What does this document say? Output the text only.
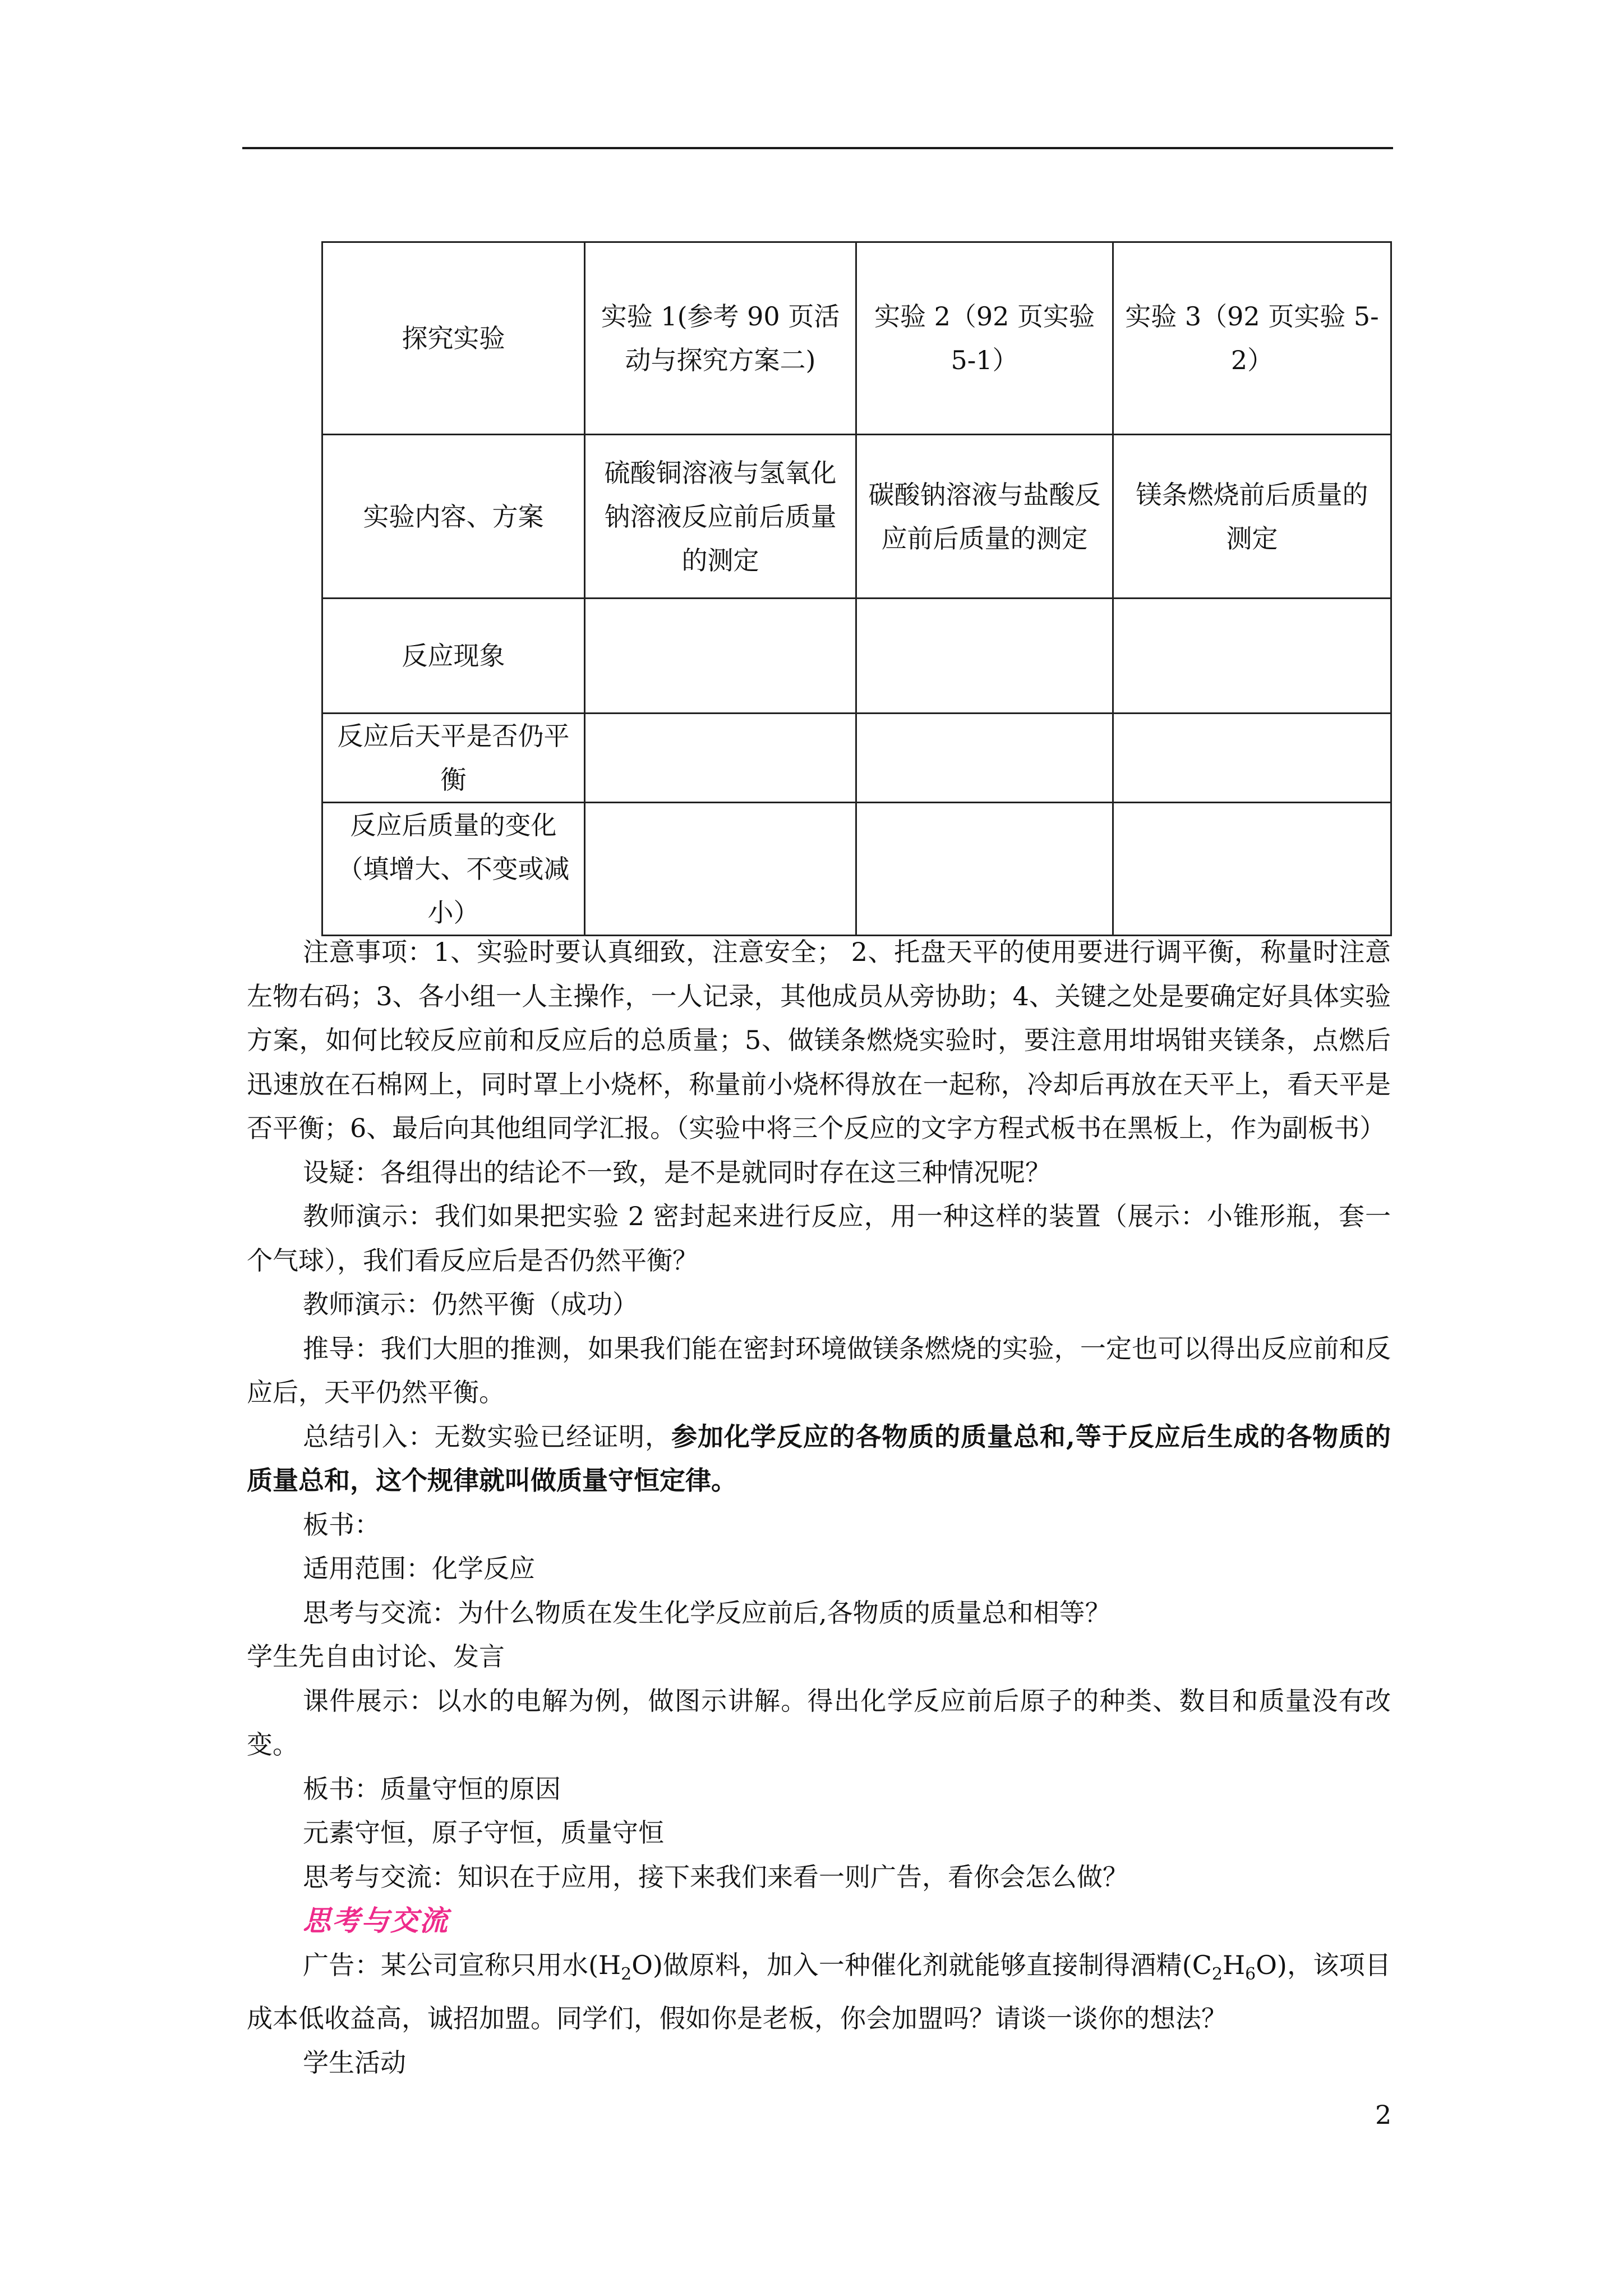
探究实验	实验 1(参考 90 页活动与探究方案二)	实验 2（92 页实验 5-1）	实验 3（92 页实验 5-2）
实验内容、方案	硫酸铜溶液与氢氧化钠溶液反应前后质量的测定	碳酸钠溶液与盐酸反应前后质量的测定	镁条燃烧前后质量的测定
反应现象			
反应后天平是否仍平衡			
反应后质量的变化（填增大、不变或减小）			

注意事项：1、实验时要认真细致，注意安全； 2、托盘天平的使用要进行调平衡，称量时注意左物右码；3、各小组一人主操作，一人记录，其他成员从旁协助；4、关键之处是要确定好具体实验方案，如何比较反应前和反应后的总质量；5、做镁条燃烧实验时，要注意用坩埚钳夹镁条，点燃后迅速放在石棉网上，同时罩上小烧杯，称量前小烧杯得放在一起称，冷却后再放在天平上，看天平是否平衡；6、最后向其他组同学汇报。（实验中将三个反应的文字方程式板书在黑板上，作为副板书）

设疑：各组得出的结论不一致，是不是就同时存在这三种情况呢？

教师演示：我们如果把实验 2 密封起来进行反应，用一种这样的装置（展示：小锥形瓶，套一个气球），我们看反应后是否仍然平衡？

教师演示：仍然平衡（成功）

推导：我们大胆的推测，如果我们能在密封环境做镁条燃烧的实验，一定也可以得出反应前和反应后，天平仍然平衡。

总结引入：无数实验已经证明，参加化学反应的各物质的质量总和,等于反应后生成的各物质的质量总和，这个规律就叫做质量守恒定律。

板书：

适用范围：化学反应

思考与交流：为什么物质在发生化学反应前后,各物质的质量总和相等？

学生先自由讨论、发言

课件展示：以水的电解为例，做图示讲解。得出化学反应前后原子的种类、数目和质量没有改变。

板书：质量守恒的原因

元素守恒，原子守恒，质量守恒

思考与交流：知识在于应用，接下来我们来看一则广告，看你会怎么做？

思考与交流

广告：某公司宣称只用水$(H_2O)$做原料，加入一种催化剂就能够直接制得酒精$(C_2H_6O)$，该项目成本低收益高，诚招加盟。同学们，假如你是老板，你会加盟吗？请谈一谈你的想法？

学生活动

2
